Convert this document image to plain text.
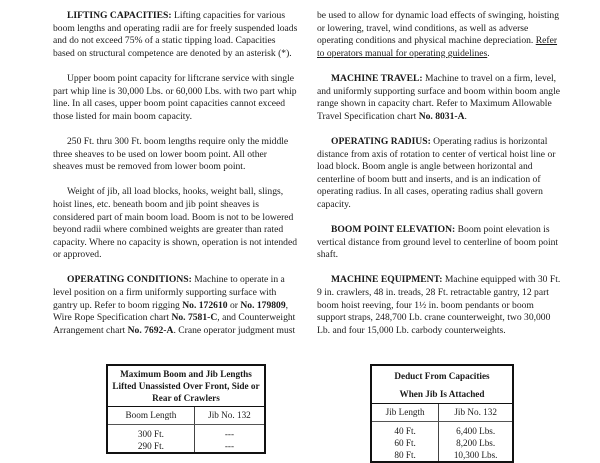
LIFTING CAPACITIES: Lifting capacities for various boom lengths and operating radii are for freely suspended loads and do not exceed 75% of a static tipping load. Capacities based on structural competence are denoted by an asterisk (*).

Upper boom point capacity for liftcrane service with single part whip line is 30,000 Lbs. or 60,000 Lbs. with two part whip line. In all cases, upper boom point capacities cannot exceed those listed for main boom capacity.

250 Ft. thru 300 Ft. boom lengths require only the middle three sheaves to be used on lower boom point. All other sheaves must be removed from lower boom point.

Weight of jib, all load blocks, hooks, weight ball, slings, hoist lines, etc. beneath boom and jib point sheaves is considered part of main boom load. Boom is not to be lowered beyond radii where combined weights are greater than rated capacity. Where no capacity is shown, operation is not intended or approved.

OPERATING CONDITIONS: Machine to operate in a level position on a firm uniformly supporting surface with gantry up. Refer to boom rigging No. 172610 or No. 179809, Wire Rope Specification chart No. 7581-C, and Counterweight Arrangement chart No. 7692-A. Crane operator judgment must

be used to allow for dynamic load effects of swinging, hoisting or lowering, travel, wind conditions, as well as adverse operating conditions and physical machine depreciation. Refer to operators manual for operating guidelines.

MACHINE TRAVEL: Machine to travel on a firm, level, and uniformly supporting surface and boom within boom angle range shown in capacity chart. Refer to Maximum Allowable Travel Specification chart No. 8031-A.

OPERATING RADIUS: Operating radius is horizontal distance from axis of rotation to center of vertical hoist line or load block. Boom angle is angle between horizontal and centerline of boom butt and inserts, and is an indication of operating radius. In all cases, operating radius shall govern capacity.

BOOM POINT ELEVATION: Boom point elevation is vertical distance from ground level to centerline of boom point shaft.

MACHINE EQUIPMENT: Machine equipped with 30 Ft. 9 in. crawlers, 48 in. treads, 28 Ft. retractable gantry, 12 part boom hoist reeving, four 1½ in. boom pendants or boom support straps, 248,700 Lb. crane counterweight, two 30,000 Lb. and four 15,000 Lb. carbody counterweights.

Maximum Boom and Jib Lengths Lifted Unassisted Over Front, Side or Rear of Crawlers	
Boom Length	Jib No. 132
300 Ft.	---
290 Ft.	---
Deduct From Capacities
When Jib Is Attached	
Jib Length	Jib No. 132
40 Ft.	6,400 Lbs.
60 Ft.	8,200 Lbs.
80 Ft.	10,300 Lbs.
